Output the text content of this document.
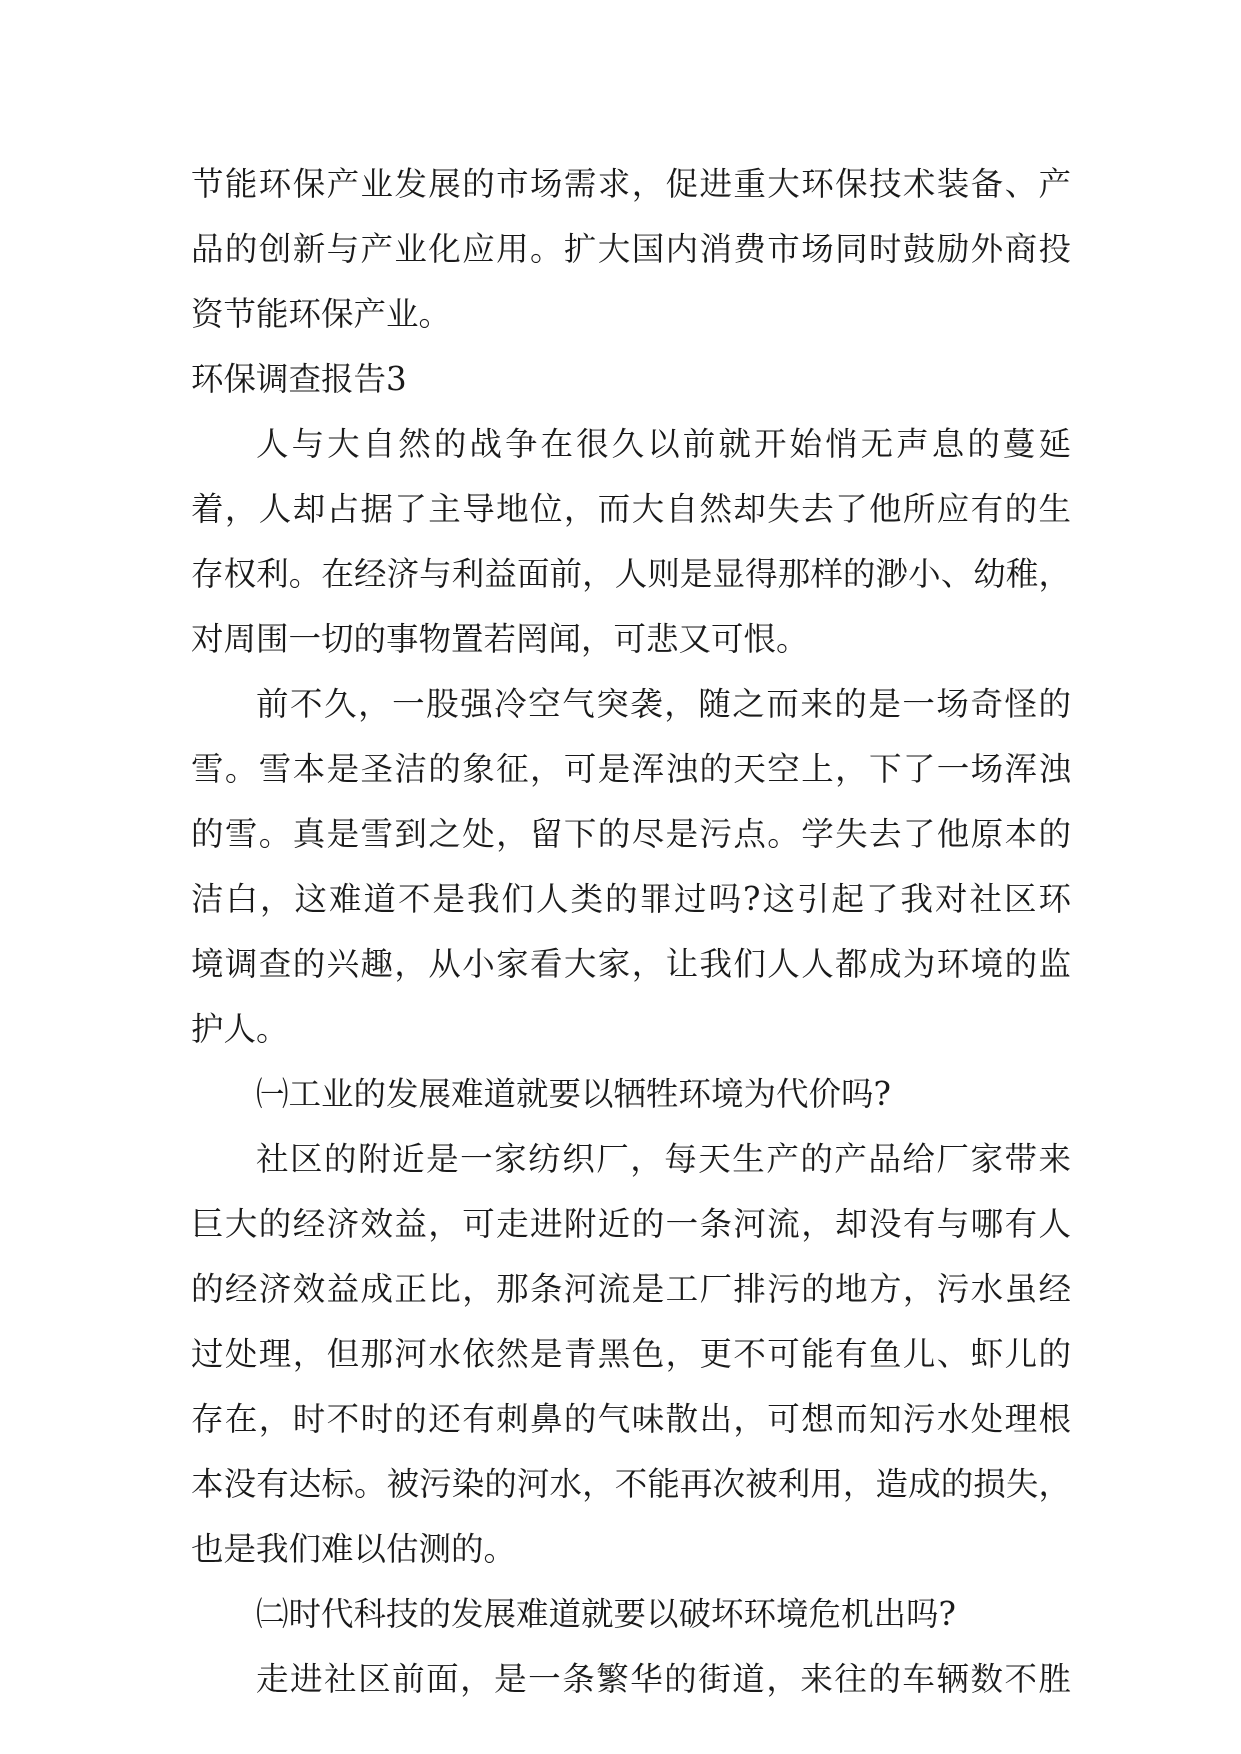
节能环保产业发展的市场需求，促进重大环保技术装备、产
品的创新与产业化应用。扩大国内消费市场同时鼓励外商投
资节能环保产业。
环保调查报告3
人与大自然的战争在很久以前就开始悄无声息的蔓延
着，人却占据了主导地位，而大自然却失去了他所应有的生
存权利。在经济与利益面前，人则是显得那样的渺小、幼稚，
对周围一切的事物置若罔闻，可悲又可恨。
前不久，一股强冷空气突袭，随之而来的是一场奇怪的
雪。雪本是圣洁的象征，可是浑浊的天空上，下了一场浑浊
的雪。真是雪到之处，留下的尽是污点。学失去了他原本的
洁白，这难道不是我们人类的罪过吗?这引起了我对社区环
境调查的兴趣，从小家看大家，让我们人人都成为环境的监
护人。
㈠工业的发展难道就要以牺牲环境为代价吗?
社区的附近是一家纺织厂，每天生产的产品给厂家带来
巨大的经济效益，可走进附近的一条河流，却没有与哪有人
的经济效益成正比，那条河流是工厂排污的地方，污水虽经
过处理，但那河水依然是青黑色，更不可能有鱼儿、虾儿的
存在，时不时的还有刺鼻的气味散出，可想而知污水处理根
本没有达标。被污染的河水，不能再次被利用，造成的损失，
也是我们难以估测的。
㈡时代科技的发展难道就要以破坏环境危机出吗?
走进社区前面，是一条繁华的街道，来往的车辆数不胜
